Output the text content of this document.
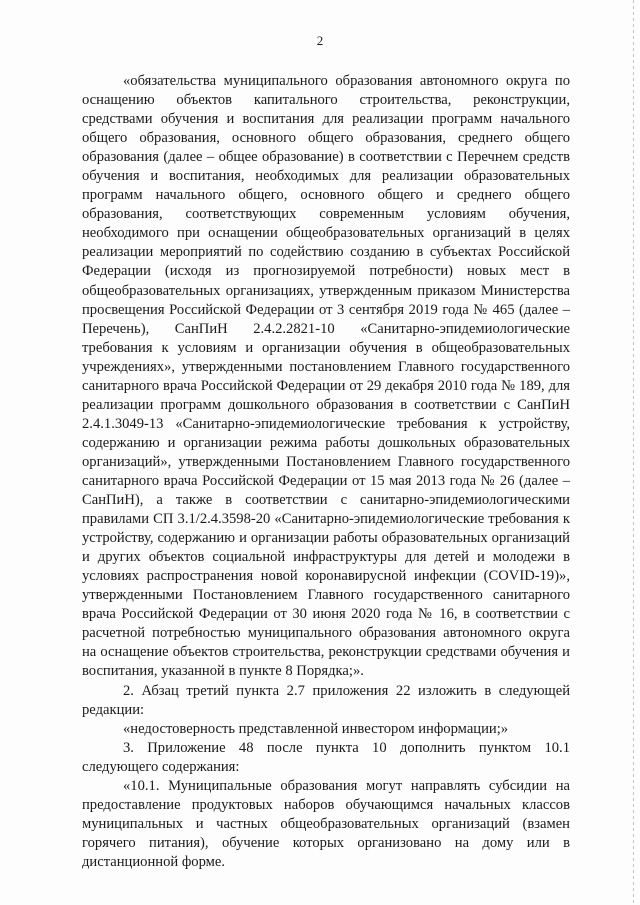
2

«обязательства муниципального образования автономного округа по оснащению объектов капитального строительства, реконструкции, средствами обучения и воспитания для реализации программ начального общего образования, основного общего образования, среднего общего образования (далее – общее образование) в соответствии с Перечнем средств обучения и воспитания, необходимых для реализации образовательных программ начального общего, основного общего и среднего общего образования, соответствующих современным условиям обучения, необходимого при оснащении общеобразовательных организаций в целях реализации мероприятий по содействию созданию в субъектах Российской Федерации (исходя из прогнозируемой потребности) новых мест в общеобразовательных организациях, утвержденным приказом Министерства просвещения Российской Федерации от 3 сентября 2019 года № 465 (далее – Перечень), СанПиН 2.4.2.2821-10 «Санитарно-эпидемиологические требования к условиям и организации обучения в общеобразовательных учреждениях», утвержденными постановлением Главного государственного санитарного врача Российской Федерации от 29 декабря 2010 года № 189, для реализации программ дошкольного образования в соответствии с СанПиН 2.4.1.3049-13 «Санитарно-эпидемиологические требования к устройству, содержанию и организации режима работы дошкольных образовательных организаций», утвержденными Постановлением Главного государственного санитарного врача Российской Федерации от 15 мая 2013 года № 26 (далее – СанПиН), а также в соответствии с санитарно-эпидемиологическими правилами СП 3.1/2.4.3598-20 «Санитарно-эпидемиологические требования к устройству, содержанию и организации работы образовательных организаций и других объектов социальной инфраструктуры для детей и молодежи в условиях распространения новой коронавирусной инфекции (COVID-19)», утвержденными Постановлением Главного государственного санитарного врача Российской Федерации от 30 июня 2020 года № 16, в соответствии с расчетной потребностью муниципального образования автономного округа на оснащение объектов строительства, реконструкции средствами обучения и воспитания, указанной в пункте 8 Порядка;».

2. Абзац третий пункта 2.7 приложения 22 изложить в следующей редакции:

«недостоверность представленной инвестором информации;»

3. Приложение 48 после пункта 10 дополнить пунктом 10.1 следующего содержания:

«10.1. Муниципальные образования могут направлять субсидии на предоставление продуктовых наборов обучающимся начальных классов муниципальных и частных общеобразовательных организаций (взамен горячего питания), обучение которых организовано на дому или в дистанционной форме.
